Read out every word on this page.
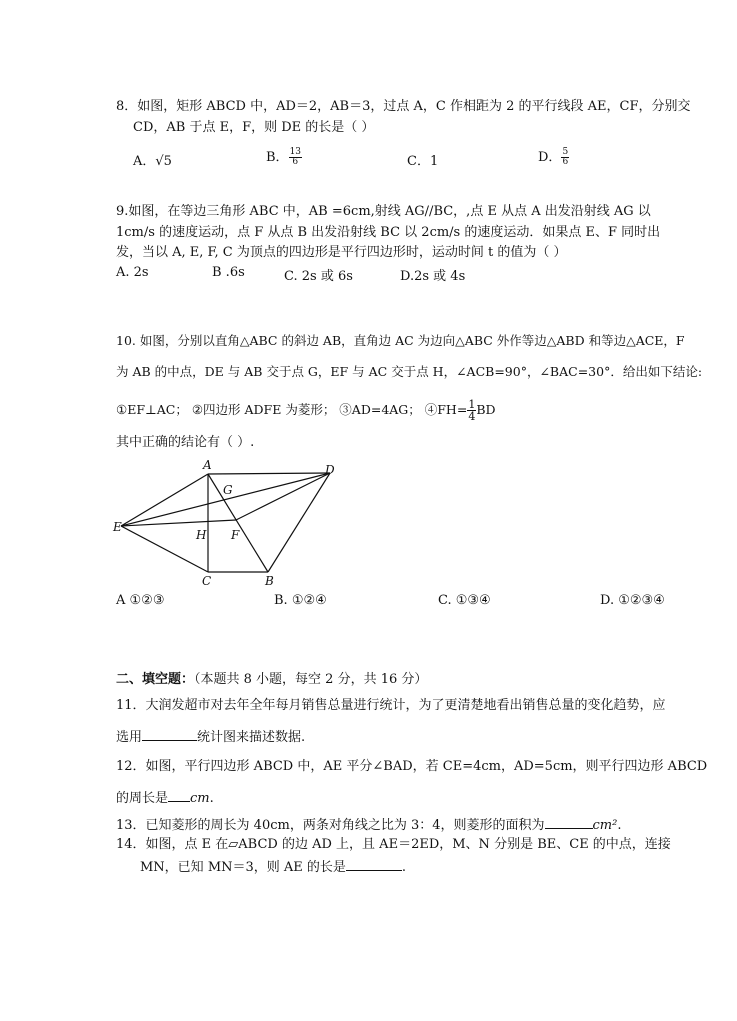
8．如图，矩形 ABCD 中，AD＝2，AB＝3，过点 A，C 作相距为 2 的平行线段 AE，CF，分别交
CD，AB 于点 E，F，则 DE 的长是（ ）
A．√5	B． $\frac{13}{6}$	C．1	D． $\frac{5}{6}$
9.如图，在等边三角形 ABC 中，AB =6cm,射线 AG//BC，,点 E 从点 A 出发沿射线 AG 以
1cm/s 的速度运动，点 F 从点 B 出发沿射线 BC 以 2cm/s 的速度运动．如果点 E、F 同时出
发，当以 A, E, F, C 为顶点的四边形是平行四边形时，运动时间 t 的值为（ ）
A. 2s	B .6s	C. 2s 或 6s	D.2s 或 4s
10. 如图，分别以直角△ABC 的斜边 AB，直角边 AC 为边向△ABC 外作等边△ABD 和等边△ACE，F
为 AB 的中点，DE 与 AB 交于点 G，EF 与 AC 交于点 H，∠ACB=90°，∠BAC=30°．给出如下结论:
①EF⊥AC； ②四边形 ADFE 为菱形； ③AD=4AG； ④FH= $\frac{1}{4}$ BD
其中正确的结论有（ ）.
A
B
C
D
E
F
G
H
A ①②③	B. ①②④	C. ①③④	D. ①②③④
二、填空题：（本题共 8 小题，每空 2 分，共 16 分）
11．大润发超市对去年全年每月销售总量进行统计，为了更清楚地看出销售总量的变化趋势，应
选用	统计图来描述数据.
12．如图，平行四边形 ABCD 中，AE 平分∠BAD，若 CE=4cm，AD=5cm，则平行四边形 ABCD
的周长是 cm.
13．已知菱形的周长为 40cm，两条对角线之比为 3：4，则菱形的面积为	cm².
14．如图，点 E 在▱ABCD 的边 AD 上，且 AE＝2ED，M、N 分别是 BE、CE 的中点，连接
MN，已知 MN＝3，则 AE 的长是	.
